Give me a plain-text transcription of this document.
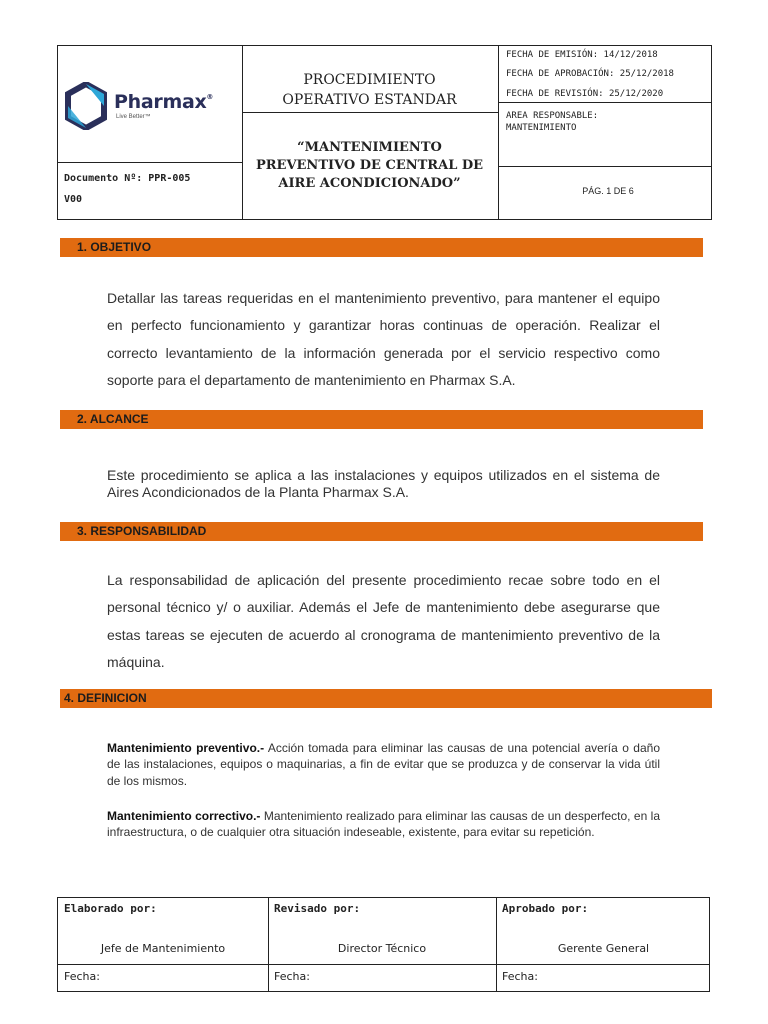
Pharmax®
Live Better™
Documento Nº: PPR-005
V00
PROCEDIMIENTO
OPERATIVO ESTANDAR
“MANTENIMIENTO
PREVENTIVO DE CENTRAL DE
AIRE ACONDICIONADO”
FECHA DE EMISIÓN: 14/12/2018
FECHA DE APROBACIÓN: 25/12/2018
FECHA DE REVISIÓN: 25/12/2020
AREA RESPONSABLE:
MANTENIMIENTO
PÁG. 1 DE 6
1. OBJETIVO
Detallar las tareas requeridas en el mantenimiento preventivo, para mantener el equipo en perfecto funcionamiento y garantizar horas continuas de operación. Realizar el correcto levantamiento de la información generada por el servicio respectivo como soporte para el departamento de mantenimiento en Pharmax S.A.
2. ALCANCE
Este procedimiento se aplica a las instalaciones y equipos utilizados en el sistema de Aires Acondicionados de la Planta Pharmax S.A.
3. RESPONSABILIDAD
La responsabilidad de aplicación del presente procedimiento recae sobre todo en el personal técnico y/ o auxiliar. Además el Jefe de mantenimiento debe asegurarse que estas tareas se ejecuten de acuerdo al cronograma de mantenimiento preventivo de la máquina.
4. DEFINICION
Mantenimiento preventivo.- Acción tomada para eliminar las causas de una potencial avería o daño de las instalaciones, equipos o maquinarias, a fin de evitar que se produzca y de conservar la vida útil de los mismos.
Mantenimiento correctivo.- Mantenimiento realizado para eliminar las causas de un desperfecto, en la infraestructura, o de cualquier otra situación indeseable, existente, para evitar su repetición.
Elaborado por:
Jefe de Mantenimiento
Fecha:
Revisado por:
Director Técnico
Fecha:
Aprobado por:
Gerente General
Fecha:
